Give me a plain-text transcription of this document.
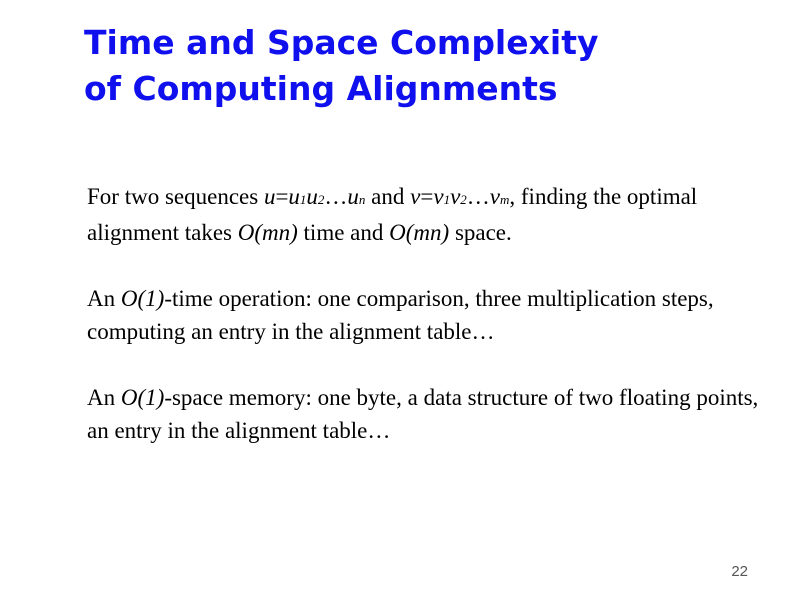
Time and Space Complexity
of Computing Alignments

For two sequences u=u1u2…un and v=v1v2…vm, finding the optimal alignment takes O(mn) time and O(mn) space.

An O(1)-time operation: one comparison, three multiplication steps, computing an entry in the alignment table…

An O(1)-space memory: one byte, a data structure of two floating points, an entry in the alignment table…

22
